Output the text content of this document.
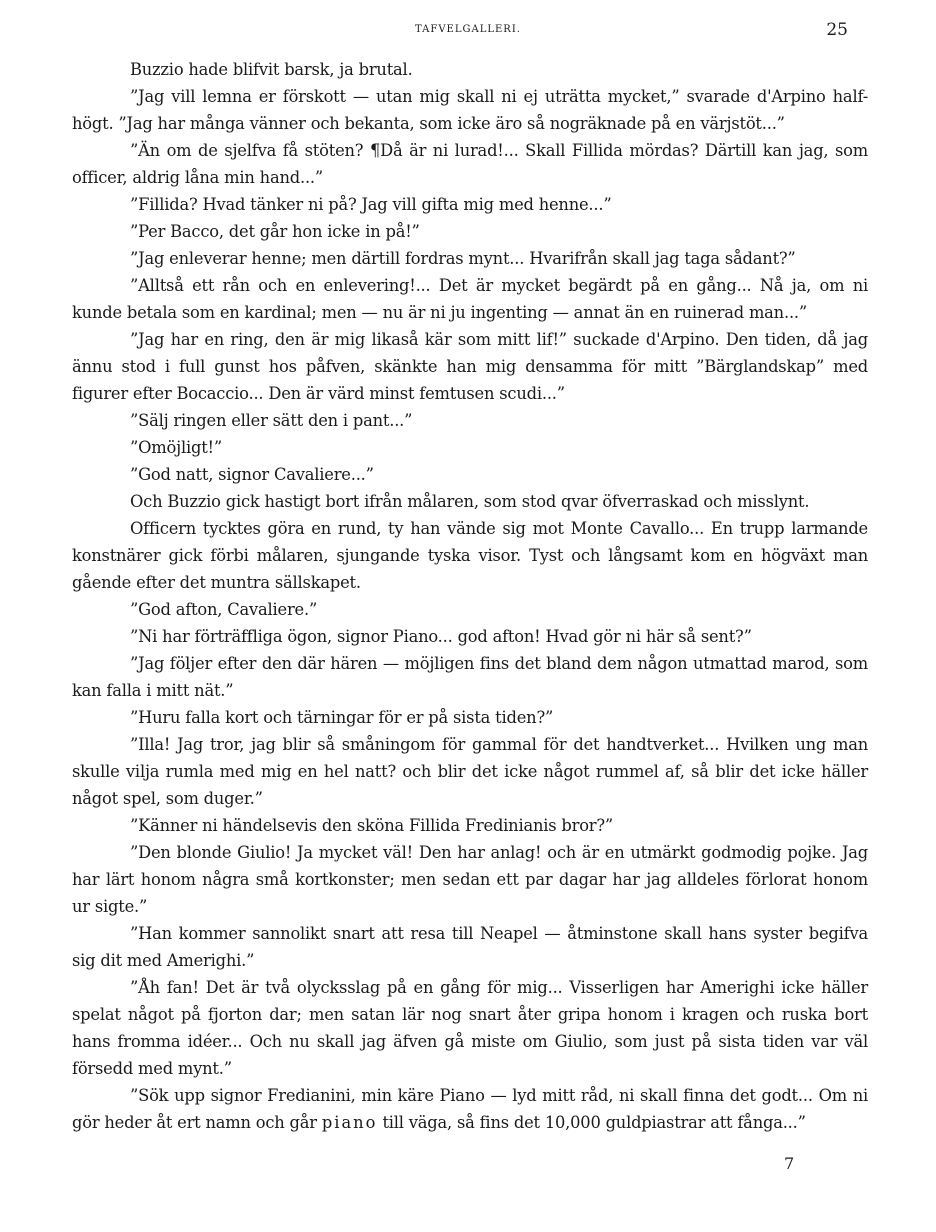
TAFVELGALLERI.	25

Buzzio hade blifvit barsk, ja brutal.

”Jag vill lemna er förskott — utan mig skall ni ej uträtta mycket,” svarade d'Arpino half-högt. ”Jag har många vänner och bekanta, som icke äro så nogräknade på en värjstöt...”

”Än om de sjelfva få stöten? ¶Då är ni lurad!... Skall Fillida mördas? Därtill kan jag, som officer, aldrig låna min hand...”

”Fillida? Hvad tänker ni på? Jag vill gifta mig med henne...”

”Per Bacco, det går hon icke in på!”

”Jag enleverar henne; men därtill fordras mynt... Hvarifrån skall jag taga sådant?”

”Alltså ett rån och en enlevering!... Det är mycket begärdt på en gång... Nå ja, om ni kunde betala som en kardinal; men — nu är ni ju ingenting — annat än en ruinerad man...”

”Jag har en ring, den är mig likaså kär som mitt lif!” suckade d'Arpino. Den tiden, då jag ännu stod i full gunst hos påfven, skänkte han mig densamma för mitt ”Bärglandskap” med figurer efter Bocaccio... Den är värd minst femtusen scudi...”

”Sälj ringen eller sätt den i pant...”

”Omöjligt!”

”God natt, signor Cavaliere...”

Och Buzzio gick hastigt bort ifrån målaren, som stod qvar öfverraskad och misslynt.

Officern tycktes göra en rund, ty han vände sig mot Monte Cavallo... En trupp larmande konstnärer gick förbi målaren, sjungande tyska visor. Tyst och långsamt kom en högväxt man gående efter det muntra sällskapet.

”God afton, Cavaliere.”

”Ni har förträffliga ögon, signor Piano... god afton! Hvad gör ni här så sent?”

”Jag följer efter den där hären — möjligen fins det bland dem någon utmattad marod, som kan falla i mitt nät.”

”Huru falla kort och tärningar för er på sista tiden?”

”Illa! Jag tror, jag blir så småningom för gammal för det handtverket... Hvilken ung man skulle vilja rumla med mig en hel natt? och blir det icke något rummel af, så blir det icke häller något spel, som duger.”

”Känner ni händelsevis den sköna Fillida Fredinianis bror?”

”Den blonde Giulio! Ja mycket väl! Den har anlag! och är en utmärkt godmodig pojke. Jag har lärt honom några små kortkonster; men sedan ett par dagar har jag alldeles förlorat honom ur sigte.”

”Han kommer sannolikt snart att resa till Neapel — åtminstone skall hans syster begifva sig dit med Amerighi.”

”Åh fan! Det är två olycksslag på en gång för mig... Visserligen har Amerighi icke häller spelat något på fjorton dar; men satan lär nog snart åter gripa honom i kragen och ruska bort hans fromma idéer... Och nu skall jag äfven gå miste om Giulio, som just på sista tiden var väl försedd med mynt.”

”Sök upp signor Fredianini, min käre Piano — lyd mitt råd, ni skall finna det godt... Om ni gör heder åt ert namn och går piano till väga, så fins det 10,000 guldpiastrar att fånga...”

7
